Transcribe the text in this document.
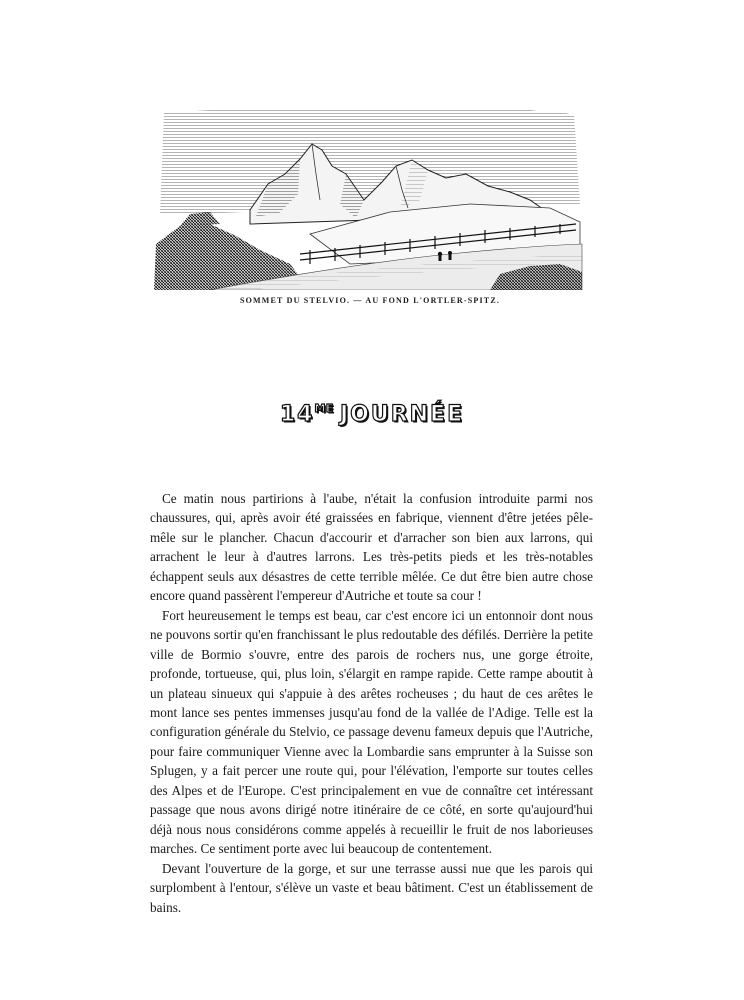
SOMMET DU STELVIO. — AU FOND L'ORTLER-SPITZ.
$14^{ME}$ JOURNÉE

Ce matin nous partirions à l'aube, n'était la confusion introduite parmi nos chaussures, qui, après avoir été graissées en fabrique, viennent d'être jetées pêle-mêle sur le plancher. Chacun d'accourir et d'arracher son bien aux larrons, qui arrachent le leur à d'autres larrons. Les très-petits pieds et les très-notables échappent seuls aux désastres de cette terrible mêlée. Ce dut être bien autre chose encore quand passèrent l'empereur d'Autriche et toute sa cour !

Fort heureusement le temps est beau, car c'est encore ici un entonnoir dont nous ne pouvons sortir qu'en franchissant le plus redoutable des défilés. Derrière la petite ville de Bormio s'ouvre, entre des parois de rochers nus, une gorge étroite, profonde, tortueuse, qui, plus loin, s'élargit en rampe rapide. Cette rampe aboutit à un plateau sinueux qui s'appuie à des arêtes rocheuses ; du haut de ces arêtes le mont lance ses pentes immenses jusqu'au fond de la vallée de l'Adige. Telle est la configuration générale du Stelvio, ce passage devenu fameux depuis que l'Autriche, pour faire communiquer Vienne avec la Lombardie sans emprunter à la Suisse son Splugen, y a fait percer une route qui, pour l'élévation, l'emporte sur toutes celles des Alpes et de l'Europe. C'est principalement en vue de connaître cet intéressant passage que nous avons dirigé notre itinéraire de ce côté, en sorte qu'aujourd'hui déjà nous nous considérons comme appelés à recueillir le fruit de nos laborieuses marches. Ce sentiment porte avec lui beaucoup de contentement.

Devant l'ouverture de la gorge, et sur une terrasse aussi nue que les parois qui surplombent à l'entour, s'élève un vaste et beau bâtiment. C'est un établissement de bains.
